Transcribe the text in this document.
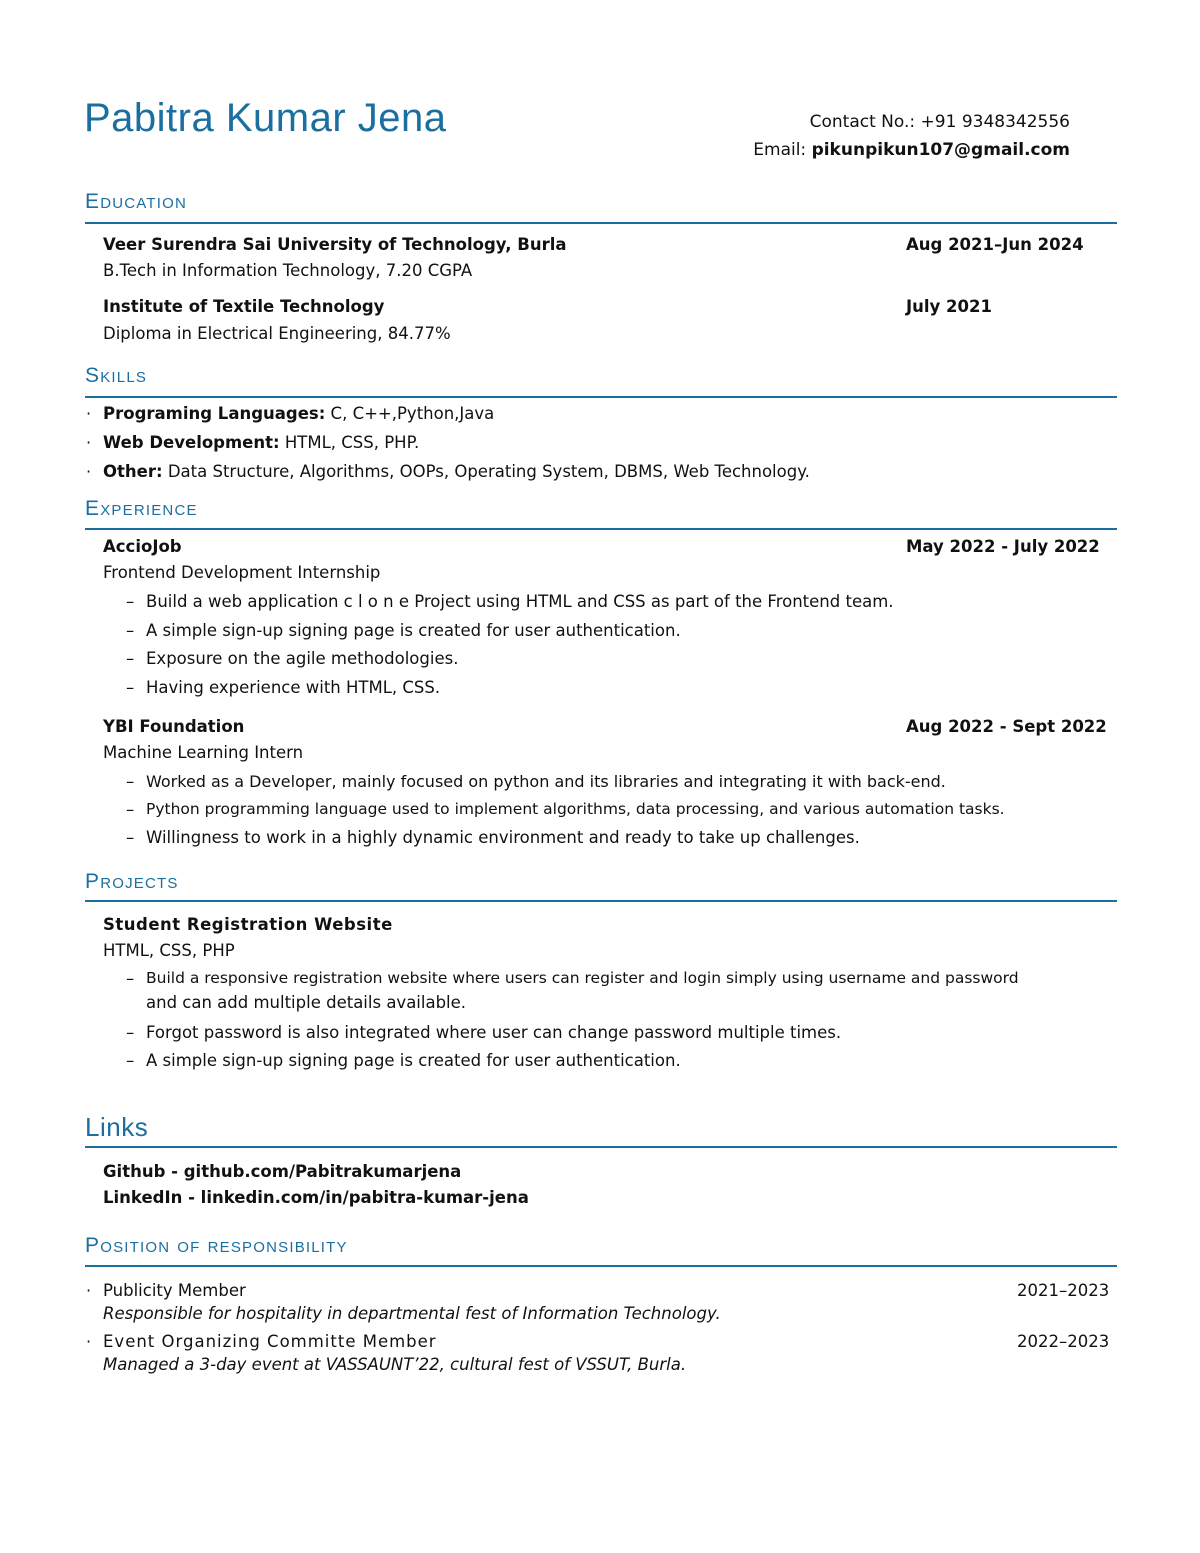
Pabitra Kumar Jena	Contact No.: +91 9348342556
Email: pikunpikun107@gmail.com
Education
Veer Surendra Sai University of Technology, Burla	Aug 2021–Jun 2024
B.Tech in Information Technology, 7.20 CGPA
Institute of Textile Technology	July 2021
Diploma in Electrical Engineering, 84.77%
Skills
· Programing Languages: C, C++,Python,Java
· Web Development: HTML, CSS, PHP.
· Other: Data Structure, Algorithms, OOPs, Operating System, DBMS, Web Technology.
Experience
AccioJob	May 2022 - July 2022
Frontend Development Internship
– Build a web application c l o n e Project using HTML and CSS as part of the Frontend team.
– A simple sign-up signing page is created for user authentication.
– Exposure on the agile methodologies.
– Having experience with HTML, CSS.
YBI Foundation	Aug 2022 - Sept 2022
Machine Learning Intern
– Worked as a Developer, mainly focused on python and its libraries and integrating it with back-end.
– Python programming language used to implement algorithms, data processing, and various automation tasks.
– Willingness to work in a highly dynamic environment and ready to take up challenges.
Projects
Student Registration Website
HTML, CSS, PHP
– Build a responsive registration website where users can register and login simply using username and password
and can add multiple details available.
– Forgot password is also integrated where user can change password multiple times.
– A simple sign-up signing page is created for user authentication.
Links
Github - github.com/Pabitrakumarjena
LinkedIn - linkedin.com/in/pabitra-kumar-jena
Position of responsibility
· Publicity Member	2021–2023
Responsible for hospitality in departmental fest of Information Technology.
· Event Organizing Committe Member	2022–2023
Managed a 3-day event at VASSAUNT’22, cultural fest of VSSUT, Burla.
